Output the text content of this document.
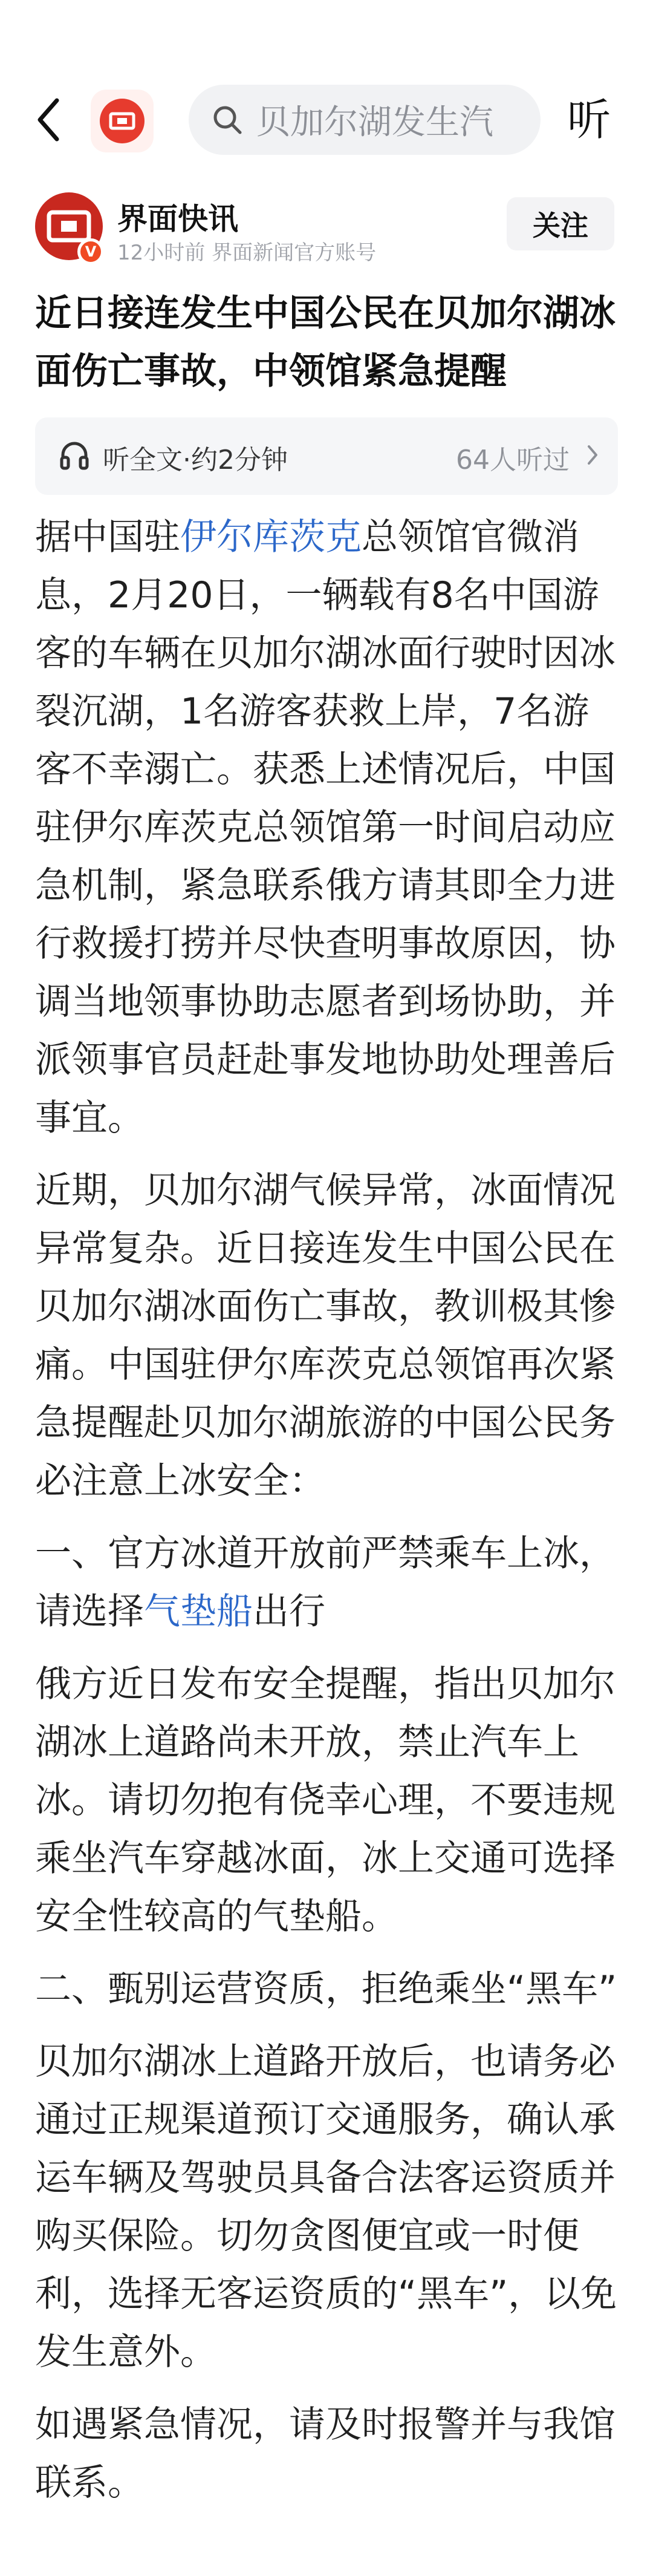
贝加尔湖发生汽	听
V
界面快讯
12小时前 界面新闻官方账号
关注
近日接连发生中国公民在贝加尔湖冰面伤亡事故，中领馆紧急提醒
听全文·约2分钟	64人听过

据中国驻伊尔库茨克总领馆官微消息，2月20日，一辆载有8名中国游客的车辆在贝加尔湖冰面行驶时因冰裂沉湖，1名游客获救上岸，7名游客不幸溺亡。获悉上述情况后，中国驻伊尔库茨克总领馆第一时间启动应急机制，紧急联系俄方请其即全力进行救援打捞并尽快查明事故原因，协调当地领事协助志愿者到场协助，并派领事官员赶赴事发地协助处理善后事宜。

近期，贝加尔湖气候异常，冰面情况异常复杂。近日接连发生中国公民在贝加尔湖冰面伤亡事故，教训极其惨痛。中国驻伊尔库茨克总领馆再次紧急提醒赴贝加尔湖旅游的中国公民务必注意上冰安全：

一、官方冰道开放前严禁乘车上冰，请选择气垫船出行

俄方近日发布安全提醒，指出贝加尔湖冰上道路尚未开放，禁止汽车上冰。请切勿抱有侥幸心理，不要违规乘坐汽车穿越冰面，冰上交通可选择安全性较高的气垫船。

二、甄别运营资质，拒绝乘坐“黑车”

贝加尔湖冰上道路开放后，也请务必通过正规渠道预订交通服务，确认承运车辆及驾驶员具备合法客运资质并购买保险。切勿贪图便宜或一时便利，选择无客运资质的“黑车”，以免发生意外。

如遇紧急情况，请及时报警并与我馆联系。
